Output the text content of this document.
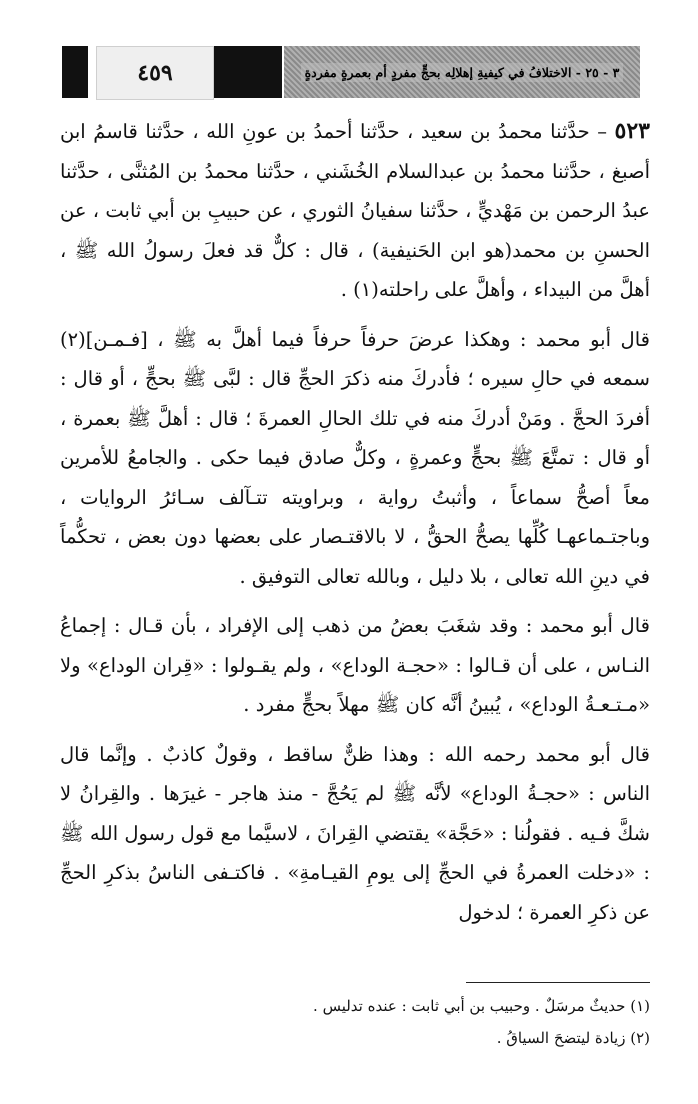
٤٥٩	٣ - ٢٥ - الاختلافُ في كيفيةِ إهلالِه بحجٍّ مفردٍ أم بعمرةٍ مفردةٍ

٥٢٣ – حدَّثنا محمدُ بن سعيد ، حدَّثنا أحمدُ بن عونِ الله ، حدَّثنا قاسمُ ابن أصبغ ، حدَّثنا محمدُ بن عبدالسلام الخُشَني ، حدَّثنا محمدُ بن المُثنَّى ، حدَّثنا عبدُ الرحمن بن مَهْديٍّ ، حدَّثنا سفيانُ الثوري ، عن حبيبِ بن أبي ثابت ، عن الحسنِ بن محمد(هو ابن الحَنيفية) ، قال : كلٌّ قد فعلَ رسولُ الله ﷺ ، أهلَّ من البيداء ، وأهلَّ على راحلته(١) .

قال أبو محمد : وهكذا عرضَ حرفاً حرفاً فيما أهلَّ به ﷺ ، [فـمـن](٢) سمعه في حالِ سيره ؛ فأدركَ منه ذكرَ الحجِّ قال : لبَّى ﷺ بحجٍّ ، أو قال : أفردَ الحجَّ . ومَنْ أدركَ منه في تلك الحالِ العمرةَ ؛ قال : أهلَّ ﷺ بعمرة ، أو قال : تمتَّعَ ﷺ بحجٍّ وعمرةٍ ، وكلٌّ صادق فيما حكى . والجامعُ للأمرين معاً أصحُّ سماعاً ، وأثبتُ رواية ، وبراويته تتـآلف سـائرُ الروايات ، وباجتـماعهـا كُلِّها يصحُّ الحقُّ ، لا بالاقتـصار على بعضها دون بعض ، تحكُّماً في دينِ الله تعالى ، بلا دليل ، وبالله تعالى التوفيق .

قال أبو محمد : وقد شغَبَ بعضُ من ذهب إلى الإفراد ، بأن قـال : إجماعُ النـاس ، على أن قـالوا : «حجـة الوداع» ، ولم يقـولوا : «قِران الوداع» ولا «مـتـعـةُ الوداع» ، يُبينُ أنَّه كان ﷺ مهلاً بحجٍّ مفرد .

قال أبو محمد رحمه الله : وهذا ظنٌّ ساقط ، وقولٌ كاذبٌ . وإنَّما قال الناس : «حجـةُ الوداع» لأنَّه ﷺ لم يَحُجَّ - منذ هاجر - غيرَها . والقِرانُ لا شكَّ فـيه . فقولُنا : «حَجَّة» يقتضي القِرانَ ، لاسيَّما مع قول رسول الله ﷺ : «دخلت العمرةُ في الحجِّ إلى يومِ القيـامةِ» . فاكتـفى الناسُ بذكرِ الحجِّ عن ذكرِ العمرة ؛ لدخول

(١) حديثٌ مرسَلٌ . وحبيب بن أبي ثابت : عنده تدليس .

(٢) زيادة ليتضحَ السياقُ .
